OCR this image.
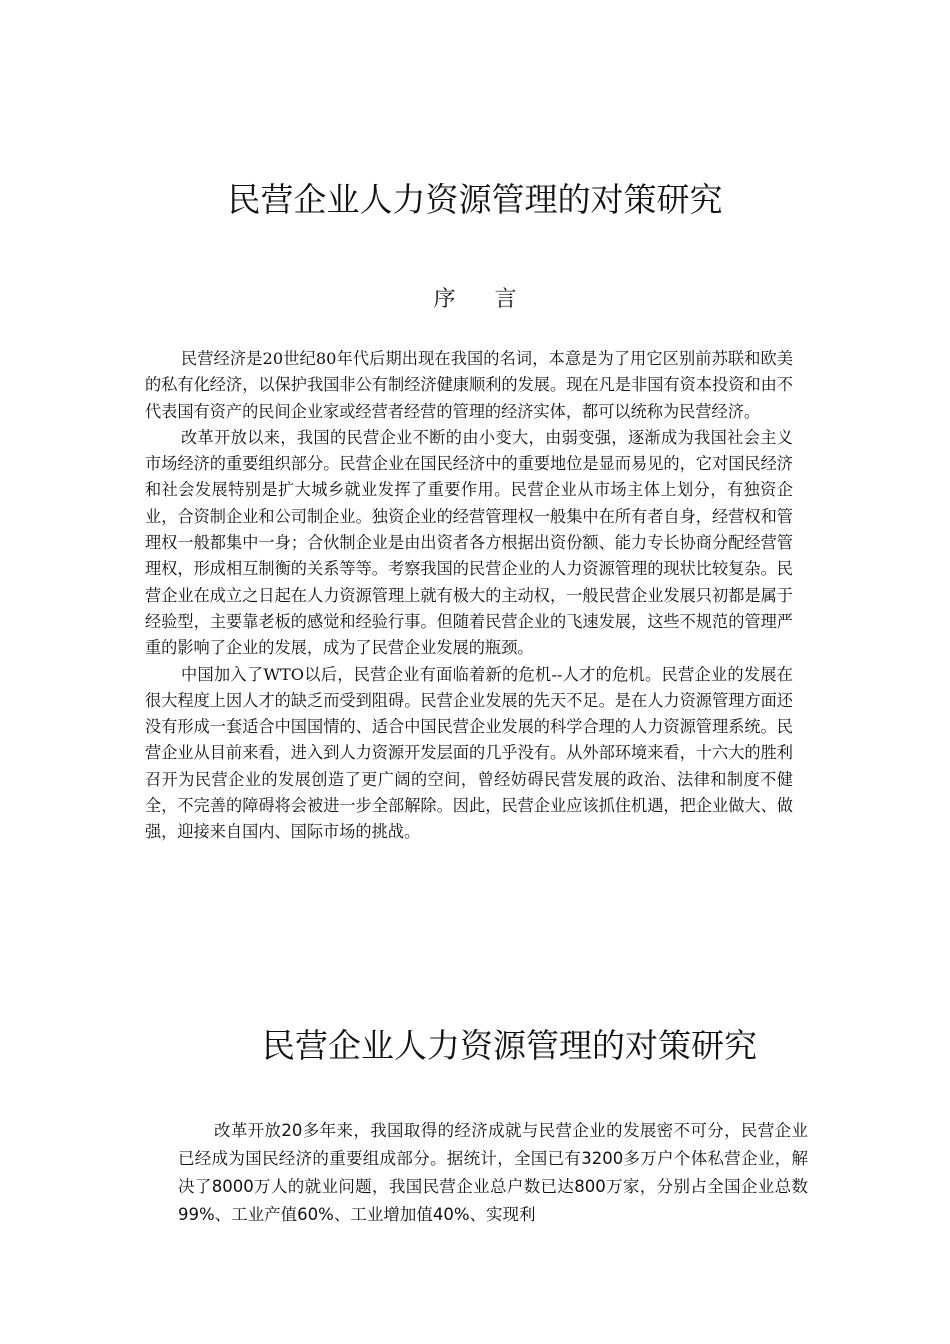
民营企业人力资源管理的对策研究
序 言

民营经济是20世纪80年代后期出现在我国的名词，本意是为了用它区别前苏联和欧美的私有化经济，以保护我国非公有制经济健康顺利的发展。现在凡是非国有资本投资和由不代表国有资产的民间企业家或经营者经营的管理的经济实体，都可以统称为民营经济。

改革开放以来，我国的民营企业不断的由小变大，由弱变强，逐渐成为我国社会主义市场经济的重要组织部分。民营企业在国民经济中的重要地位是显而易见的，它对国民经济和社会发展特别是扩大城乡就业发挥了重要作用。民营企业从市场主体上划分，有独资企业，合资制企业和公司制企业。独资企业的经营管理权一般集中在所有者自身，经营权和管理权一般都集中一身；合伙制企业是由出资者各方根据出资份额、能力专长协商分配经营管理权，形成相互制衡的关系等等。考察我国的民营企业的人力资源管理的现状比较复杂。民营企业在成立之日起在人力资源管理上就有极大的主动权，一般民营企业发展只初都是属于经验型，主要靠老板的感觉和经验行事。但随着民营企业的飞速发展，这些不规范的管理严重的影响了企业的发展，成为了民营企业发展的瓶颈。

中国加入了WTO以后，民营企业有面临着新的危机--人才的危机。民营企业的发展在很大程度上因人才的缺乏而受到阻碍。民营企业发展的先天不足。是在人力资源管理方面还没有形成一套适合中国国情的、适合中国民营企业发展的科学合理的人力资源管理系统。民营企业从目前来看，进入到人力资源开发层面的几乎没有。从外部环境来看，十六大的胜利召开为民营企业的发展创造了更广阔的空间，曾经妨碍民营发展的政治、法律和制度不健全，不完善的障碍将会被进一步全部解除。因此，民营企业应该抓住机遇，把企业做大、做强，迎接来自国内、国际市场的挑战。

民营企业人力资源管理的对策研究

改革开放20多年来，我国取得的经济成就与民营企业的发展密不可分，民营企业已经成为国民经济的重要组成部分。据统计，全国已有3200多万户个体私营企业，解决了8000万人的就业问题，我国民营企业总户数已达800万家，分别占全国企业总数99%、工业产值60%、工业增加值40%、实现利
